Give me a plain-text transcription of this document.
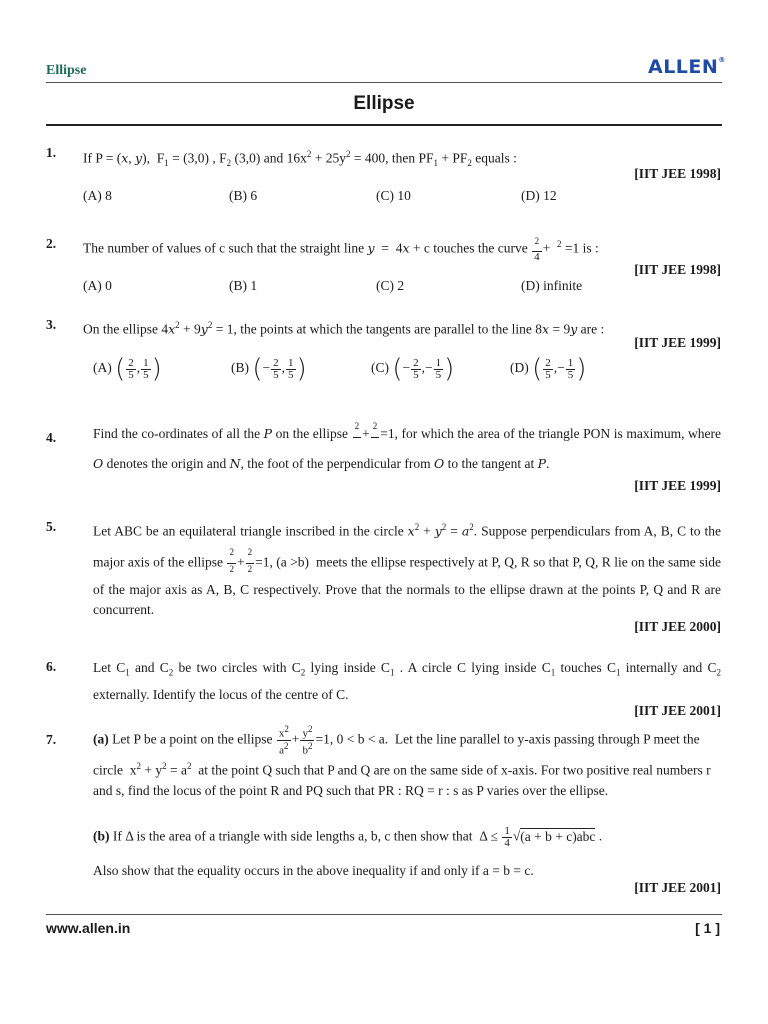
Ellipse	ALLEN®
Ellipse
1. If P = (x, y),  $F_1 = (3,0)$ , $F_2$ (3,0) and $16x^2 + 25y^2 = 400$, then $PF_1 + PF_2$ equals :
[IIT JEE 1998]
(A) 8	(B) 6	(C) 10	(D) 12
2. The number of values of c such that the straight line y  =  4x + c touches the curve $\frac{^2}{4} + ^2 =1$ is :
[IIT JEE 1998]
(A) 0	(B) 1	(C) 2	(D) infinite
3. On the ellipse $4x^2 + 9y^2 = 1$, the points at which the tangents are parallel to the line 8x = 9y are :
[IIT JEE 1999]
(A) ( $\frac{2}{5}$ , $\frac{1}{5}$ )	(B) (− $\frac{2}{5}$ , $\frac{1}{5}$ )	(C) (− $\frac{2}{5}$ ,− $\frac{1}{5}$ )	(D) ( $\frac{2}{5}$ ,− $\frac{1}{5}$ )
4.	Find the co-ordinates of all the P on the ellipse $^2$
+ $^2$
=1, for which the area of the triangle PON is maximum, where O denotes the origin and N, the foot of the perpendicular from O to the tangent at P.
[IIT JEE 1999]
5.	Let ABC be an equilateral triangle inscribed in the circle $x^2 + y^2 = a^2$. Suppose perpendiculars from A, B, C to the major axis of the ellipse $\frac{^2}{^2} + \frac{^2}{^2} =1$, (a >b)  meets the ellipse respectively at P, Q, R so that P, Q, R lie on the same side of the major axis as A, B, C respectively. Prove that the normals to the ellipse drawn at the points P, Q and R are concurrent.
[IIT JEE 2000]
6.	Let $C_1$ and $C_2$ be two circles with $C_2$ lying inside $C_1$ . A circle C lying inside $C_1$ touches $C_1$ internally and $C_2$ externally. Identify the locus of the centre of C.
[IIT JEE 2001]
7.	(a) Let P be a point on the ellipse $\frac{x^2}{a^2} + \frac{y^2}{b^2} =1$, 0 < b < a.  Let the line parallel to y-axis passing through P meet the circle  $x^2 + y^2 = a^2$  at the point Q such that P and Q are on the same side of x-axis. For two positive real numbers r and s, find the locus of the point R and PQ such that PR : RQ = r : s as P varies over the ellipse.
(b) If Δ is the area of a triangle with side lengths a, b, c then show that  $\Delta \le \frac{1}{4} √(a + b + c)abc$ .
Also show that the equality occurs in the above inequality if and only if a = b = c.
[IIT JEE 2001]
www.allen.in	[ 1 ]
